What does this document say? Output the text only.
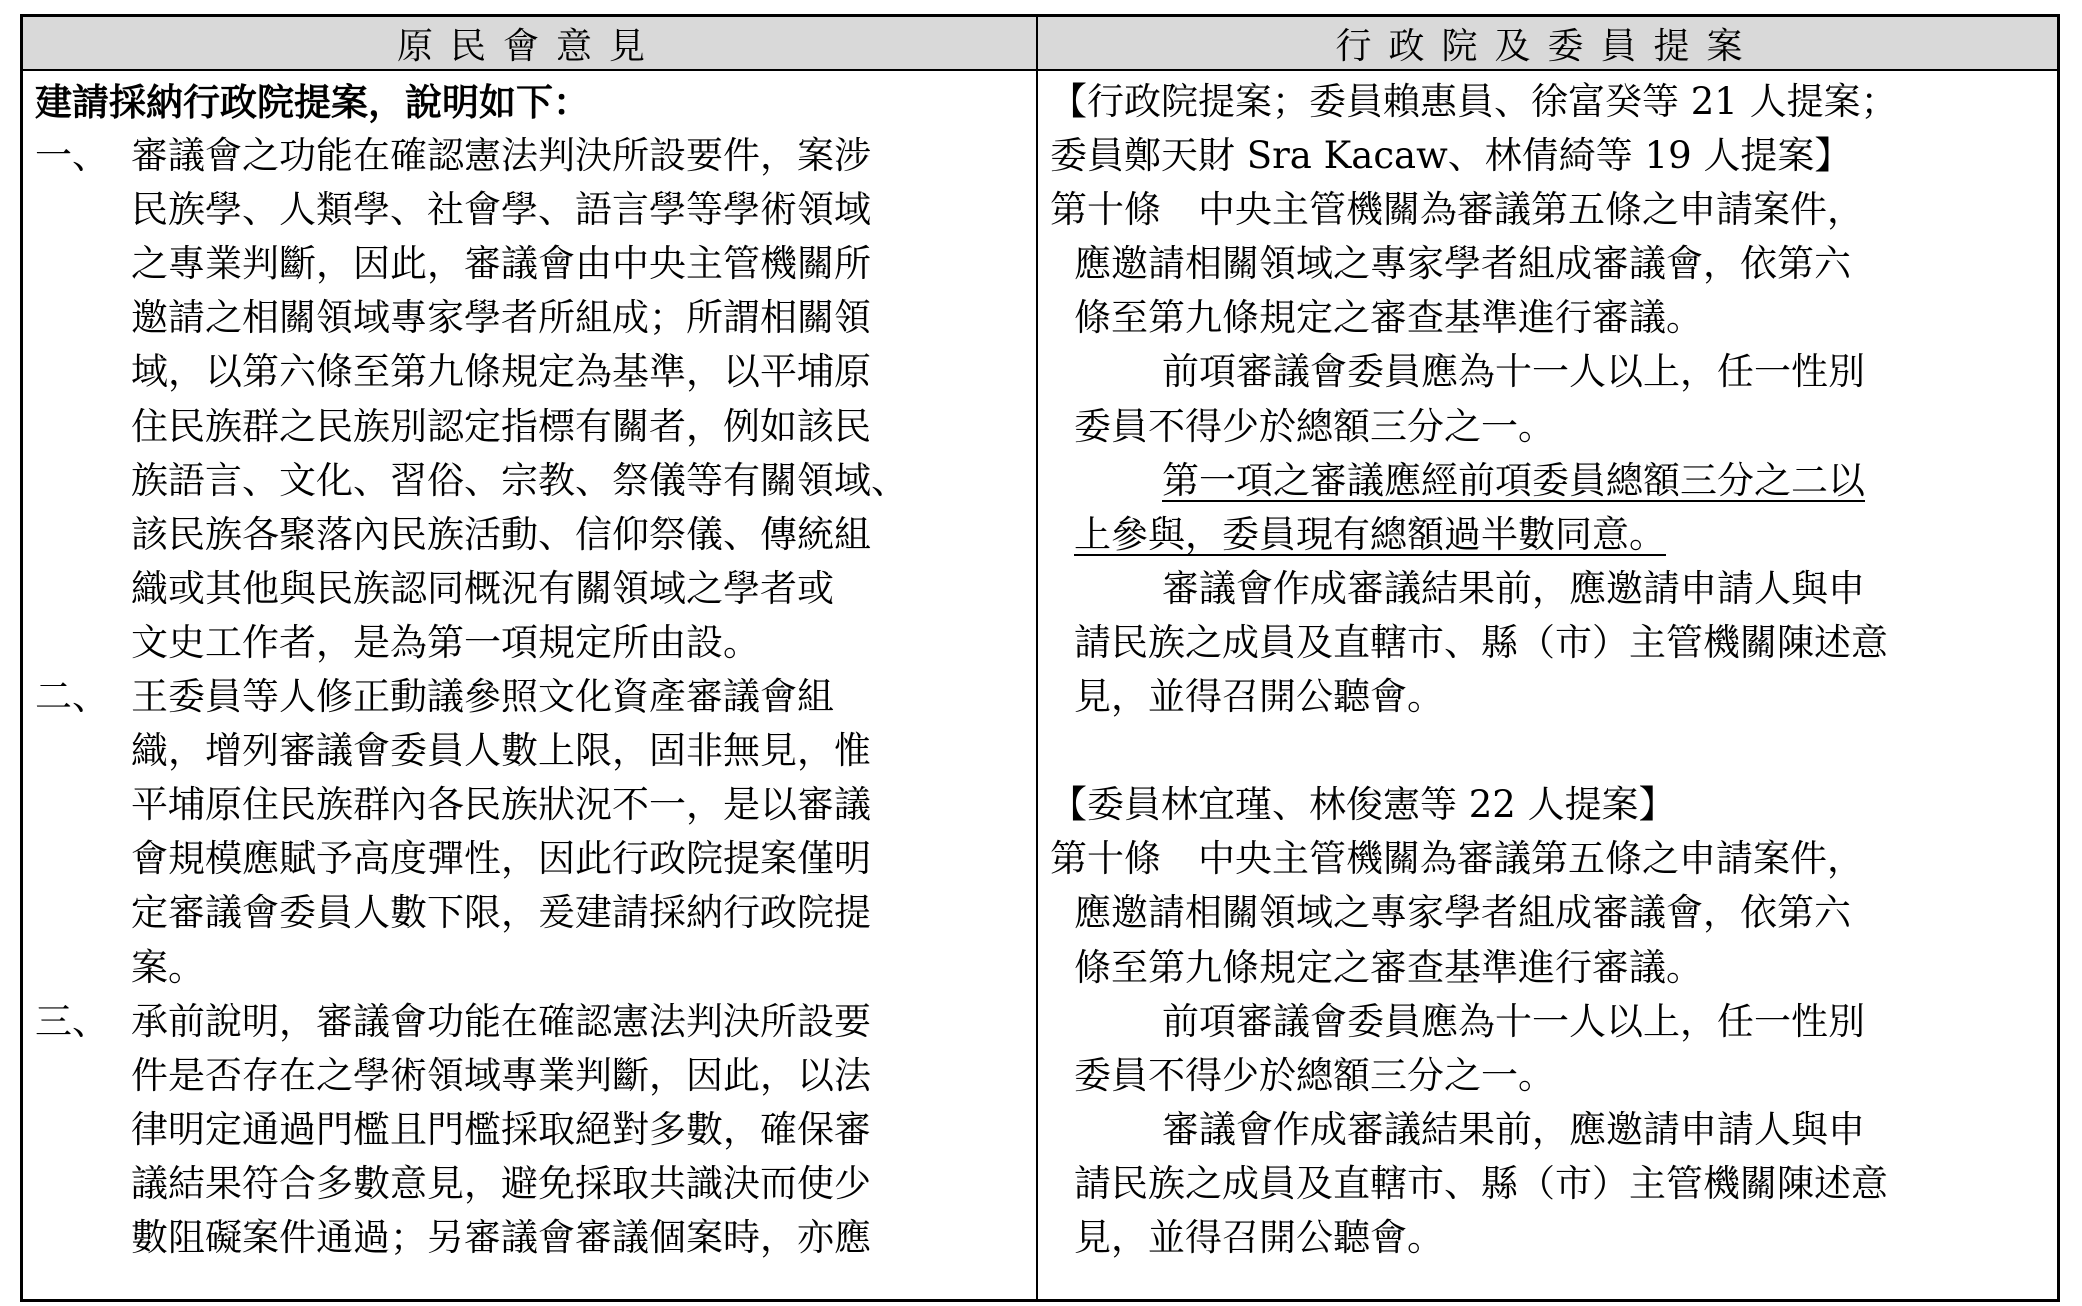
原民會意見
建請採納行政院提案，說明如下：
一、 審議會之功能在確認憲法判決所設要件，案涉
民族學、人類學、社會學、語言學等學術領域
之專業判斷，因此，審議會由中央主管機關所
邀請之相關領域專家學者所組成；所謂相關領
域，以第六條至第九條規定為基準，以平埔原
住民族群之民族別認定指標有關者，例如該民
族語言、文化、習俗、宗教、祭儀等有關領域、
該民族各聚落內民族活動、信仰祭儀、傳統組
織或其他與民族認同概況有關領域之學者或
文史工作者，是為第一項規定所由設。
二、 王委員等人修正動議參照文化資產審議會組
織，增列審議會委員人數上限，固非無見，惟
平埔原住民族群內各民族狀況不一，是以審議
會規模應賦予高度彈性，因此行政院提案僅明
定審議會委員人數下限，爰建請採納行政院提
案。
三、 承前說明，審議會功能在確認憲法判決所設要
件是否存在之學術領域專業判斷，因此，以法
律明定通過門檻且門檻採取絕對多數，確保審
議結果符合多數意見，避免採取共識決而使少
數阻礙案件通過；另審議會審議個案時，亦應
行政院及委員提案
【行政院提案；委員賴惠員、徐富癸等 21 人提案；
委員鄭天財 Sra Kacaw、林倩綺等 19 人提案】
第十條　中央主管機關為審議第五條之申請案件，
應邀請相關領域之專家學者組成審議會，依第六
條至第九條規定之審查基準進行審議。
前項審議會委員應為十一人以上，任一性別
委員不得少於總額三分之一。
第一項之審議應經前項委員總額三分之二以
上參與，委員現有總額過半數同意。
審議會作成審議結果前，應邀請申請人與申
請民族之成員及直轄市、縣（市）主管機關陳述意
見，並得召開公聽會。
【委員林宜瑾、林俊憲等 22 人提案】
第十條　中央主管機關為審議第五條之申請案件，
應邀請相關領域之專家學者組成審議會，依第六
條至第九條規定之審查基準進行審議。
前項審議會委員應為十一人以上，任一性別
委員不得少於總額三分之一。
審議會作成審議結果前，應邀請申請人與申
請民族之成員及直轄市、縣（市）主管機關陳述意
見，並得召開公聽會。
